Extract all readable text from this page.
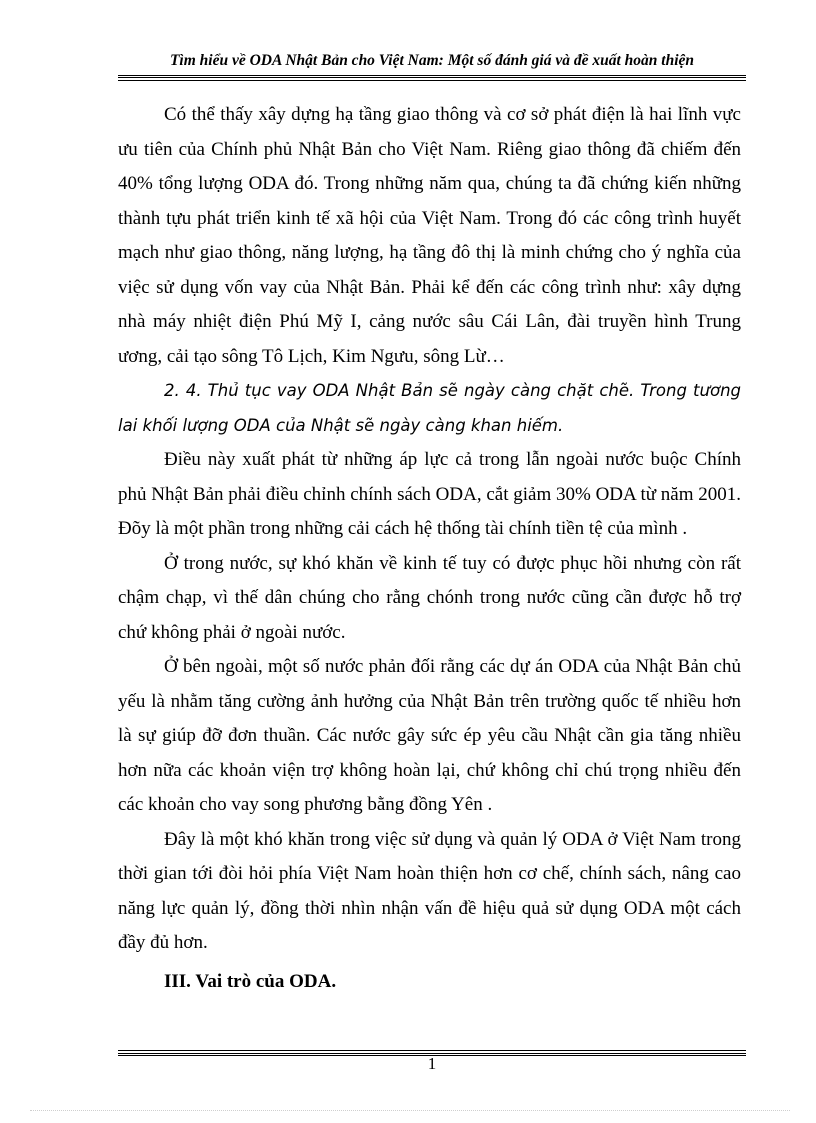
Tìm hiểu về ODA Nhật Bản cho Việt Nam: Một số đánh giá và đề xuất hoàn thiện

Có thể thấy xây dựng hạ tầng giao thông và cơ sở phát điện là hai lĩnh vực ưu tiên của Chính phủ Nhật Bản cho Việt Nam. Riêng giao thông đã chiếm đến 40% tổng lượng ODA đó. Trong những năm qua, chúng ta đã chứng kiến những thành tựu phát triển kinh tế xã hội của Việt Nam. Trong đó các công trình huyết mạch như giao thông, năng lượng, hạ tầng đô thị là minh chứng cho ý nghĩa của việc sử dụng vốn vay của Nhật Bản. Phải kể đến các công trình như: xây dựng nhà máy nhiệt điện Phú Mỹ I, cảng nước sâu Cái Lân, đài truyền hình Trung ương, cải tạo sông Tô Lịch, Kim Ngưu, sông Lừ…

2. 4. Thủ tục vay ODA Nhật Bản sẽ ngày càng chặt chẽ. Trong tương lai khối lượng ODA của Nhật sẽ ngày càng khan hiếm.

Điều này xuất phát từ những áp lực cả trong lẫn ngoài nước buộc Chính phủ Nhật Bản phải điều chỉnh chính sách ODA, cắt giảm 30% ODA từ năm 2001. Đõy là một phần trong những cải cách hệ thống tài chính tiền tệ của mình .

Ở trong nước, sự khó khăn về kinh tế tuy có được phục hồi nhưng còn rất chậm chạp, vì thế dân chúng cho rằng chónh trong nước cũng cần được hỗ trợ chứ không phải ở ngoài nước.

Ở bên ngoài, một số nước phản đối rằng các dự án ODA của Nhật Bản chủ yếu là nhằm tăng cường ảnh hưởng của Nhật Bản trên trường quốc tế nhiều hơn là sự giúp đỡ đơn thuần. Các nước gây sức ép yêu cầu Nhật cần gia tăng nhiều hơn nữa các khoản viện trợ không hoàn lại, chứ không chỉ chú trọng nhiều đến các khoản cho vay song phương bằng đồng Yên .

Đây là một khó khăn trong việc sử dụng và quản lý ODA ở Việt Nam trong thời gian tới đòi hỏi phía Việt Nam hoàn thiện hơn cơ chế, chính sách, nâng cao năng lực quản lý, đồng thời nhìn nhận vấn đề hiệu quả sử dụng ODA một cách đầy đủ hơn.

III. Vai trò của ODA.

1
